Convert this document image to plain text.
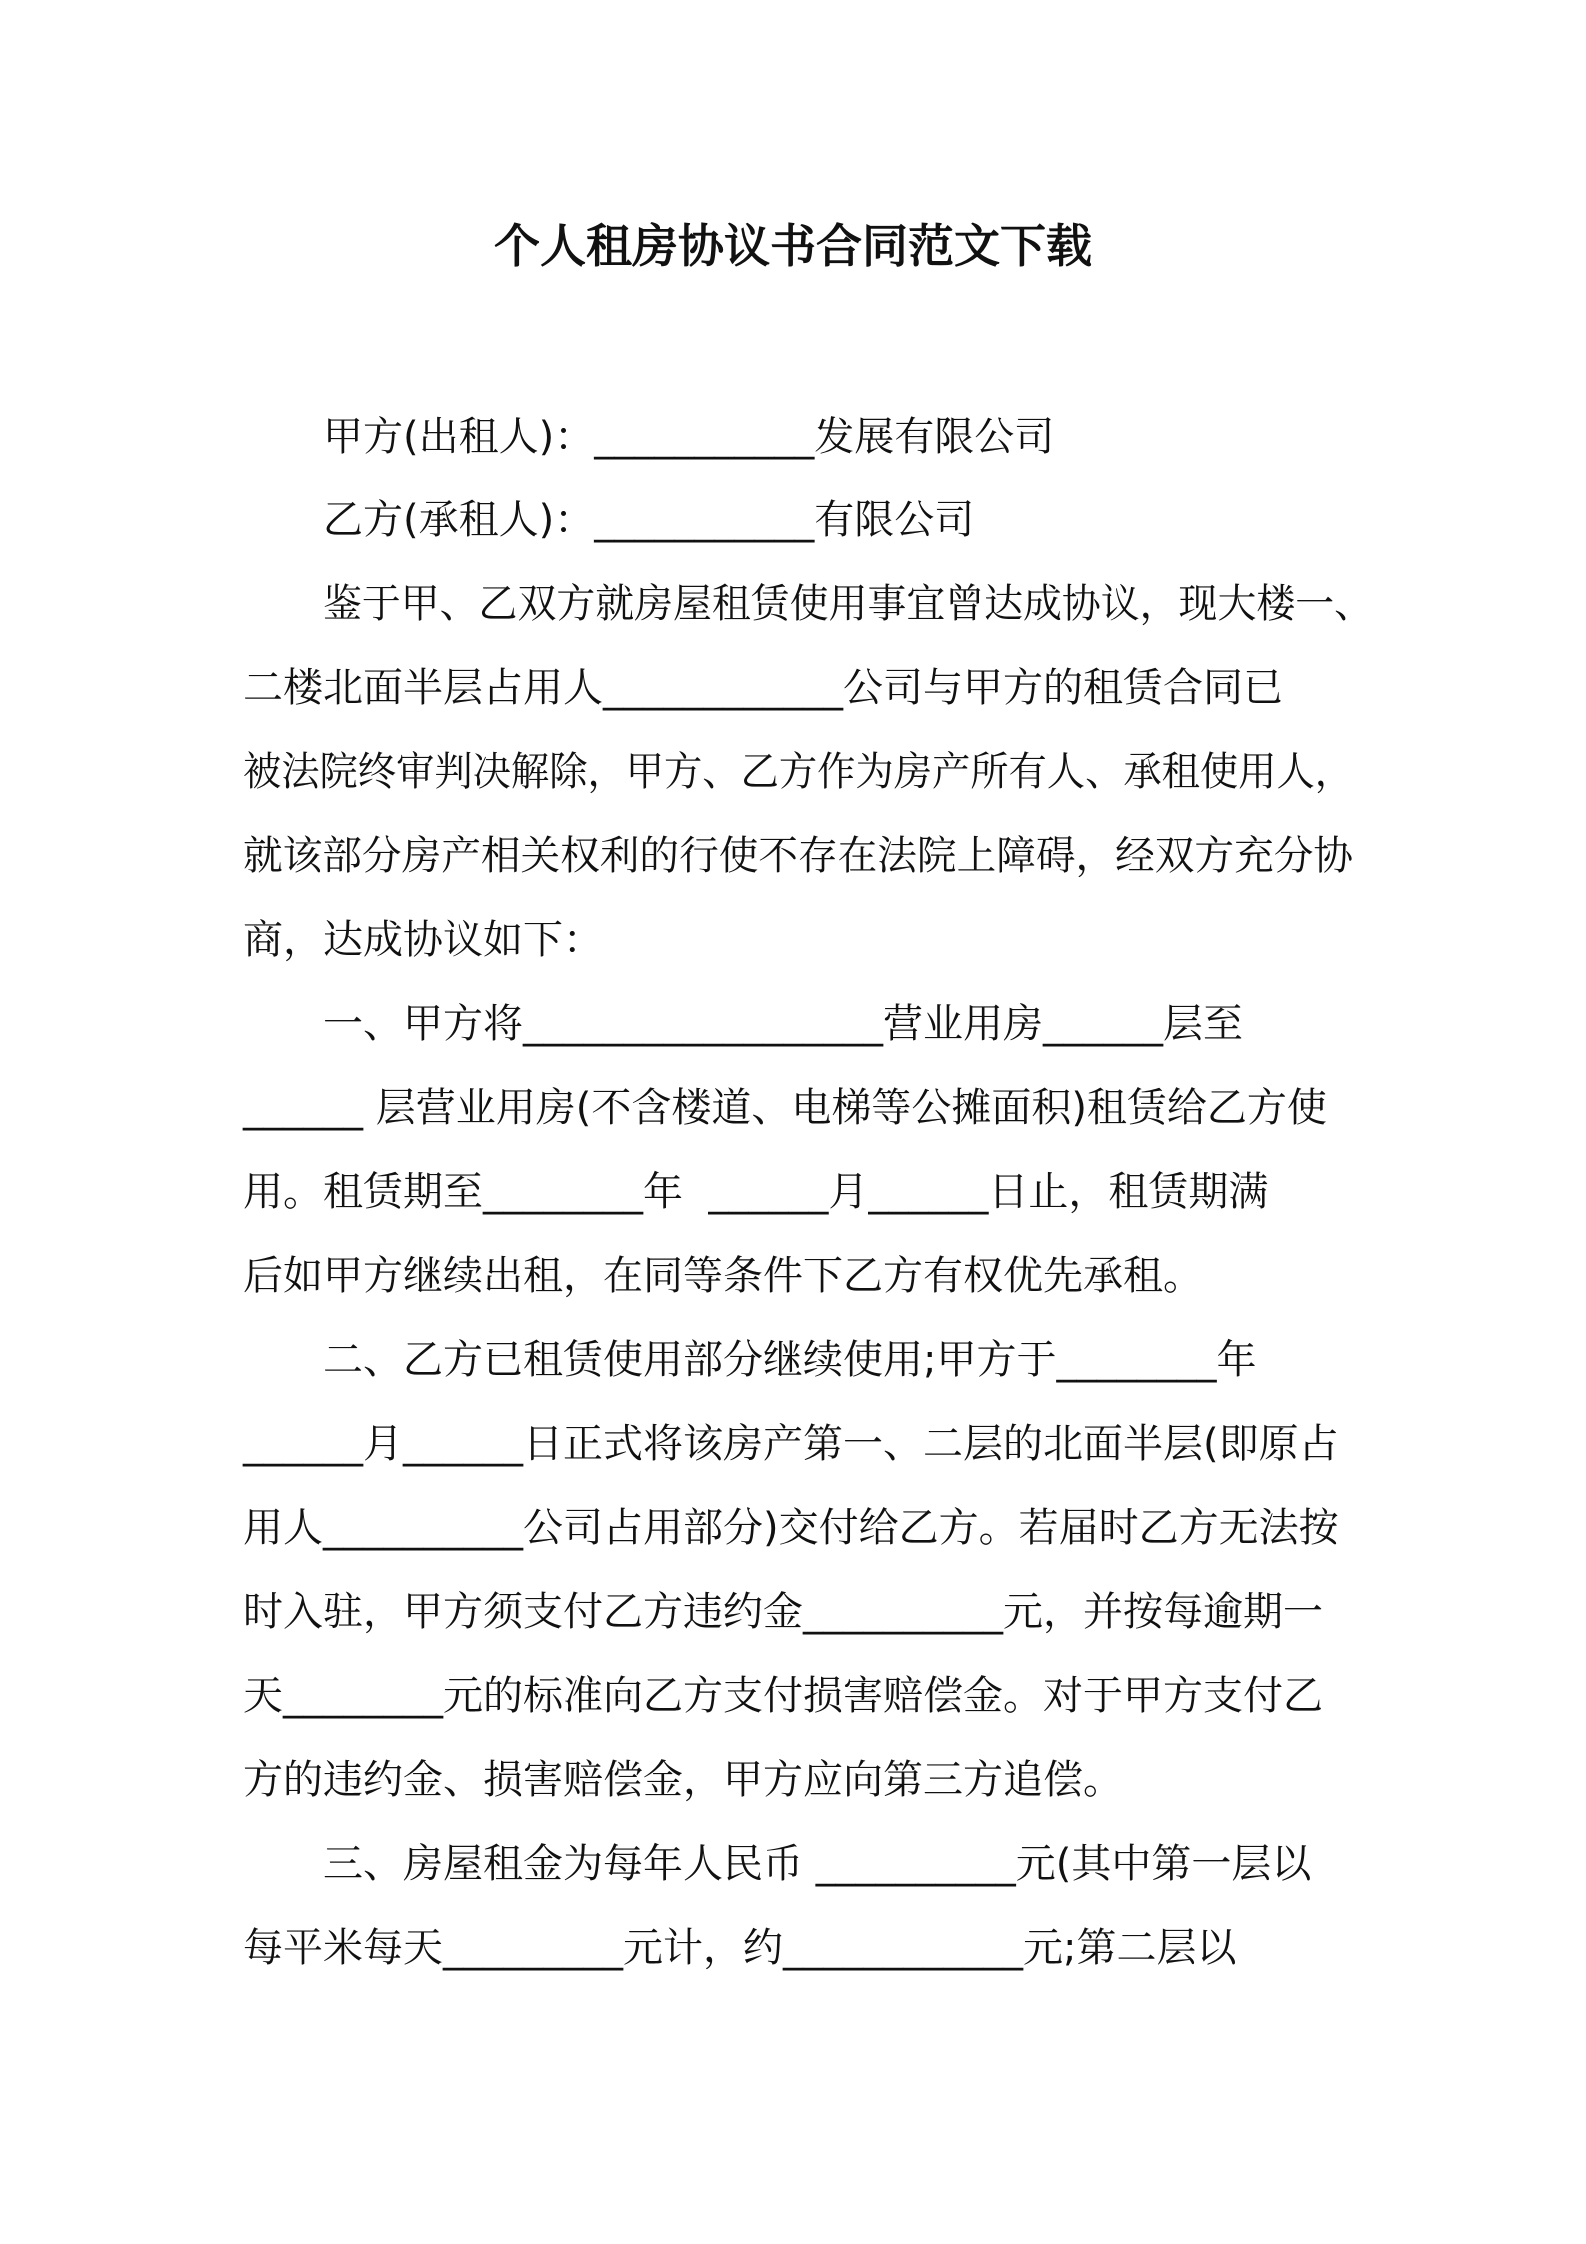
个人租房协议书合同范文下载
甲方(出租人)：___________发展有限公司
乙方(承租人)：___________有限公司
鉴于甲、乙双方就房屋租赁使用事宜曾达成协议，现大楼一、
二楼北面半层占用人____________公司与甲方的租赁合同已
被法院终审判决解除，甲方、乙方作为房产所有人、承租使用人，
就该部分房产相关权利的行使不存在法院上障碍，经双方充分协
商，达成协议如下：
一、甲方将__________________营业用房______层至
______ 层营业用房(不含楼道、电梯等公摊面积)租赁给乙方使
用。租赁期至________年  ______月______日止，租赁期满
后如甲方继续出租，在同等条件下乙方有权优先承租。
二、乙方已租赁使用部分继续使用;甲方于________年
______月______日正式将该房产第一、二层的北面半层(即原占
用人__________公司占用部分)交付给乙方。若届时乙方无法按
时入驻，甲方须支付乙方违约金__________元，并按每逾期一
天________元的标准向乙方支付损害赔偿金。对于甲方支付乙
方的违约金、损害赔偿金，甲方应向第三方追偿。
三、房屋租金为每年人民币 __________元(其中第一层以
每平米每天_________元计，约____________元;第二层以
